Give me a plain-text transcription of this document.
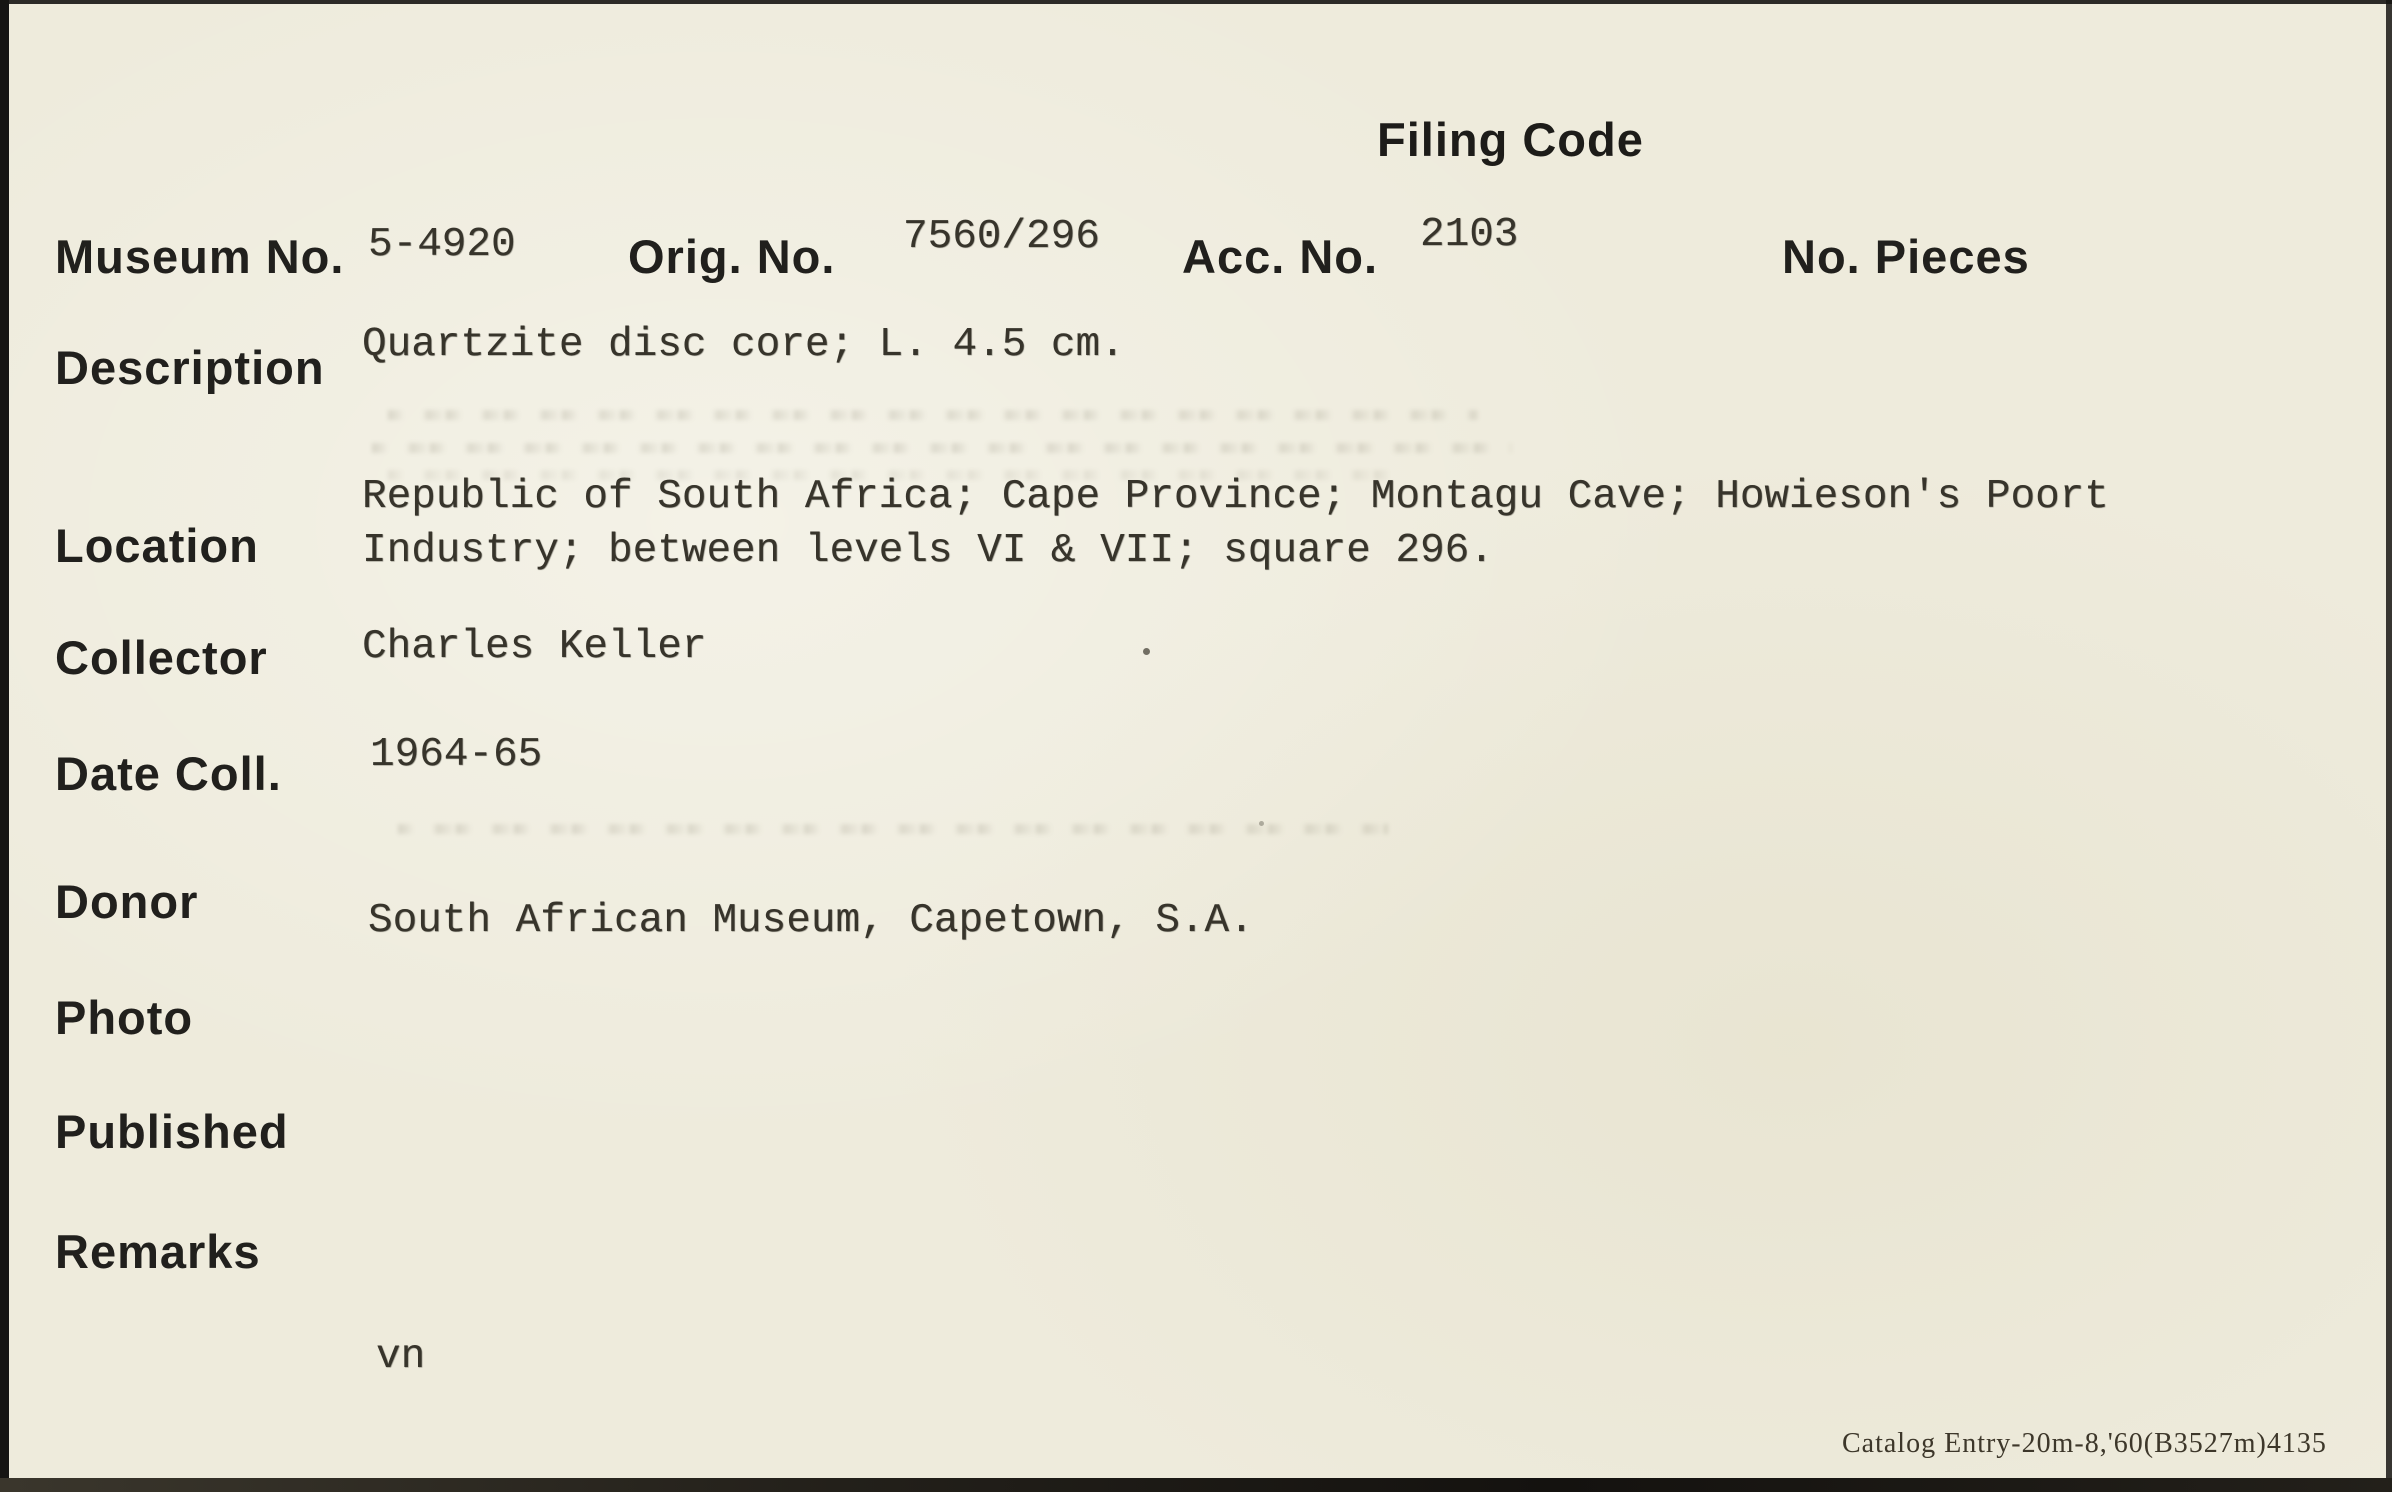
Filing Code
Museum No. 5-4920 Orig. No. 7560/296 Acc. No. 2103	No. Pieces
Description Quartzite disc core; L. 4.5 cm.
Location
Republic of South Africa; Cape Province; Montagu Cave; Howieson's Poort
Industry; between levels VI & VII; square 296.
Collector Charles Keller
Date Coll. 1964-65
Donor	South African Museum, Capetown, S.A.
Photo
Published
Remarks
vn
Catalog Entry-20m-8,'60(B3527m)4135
